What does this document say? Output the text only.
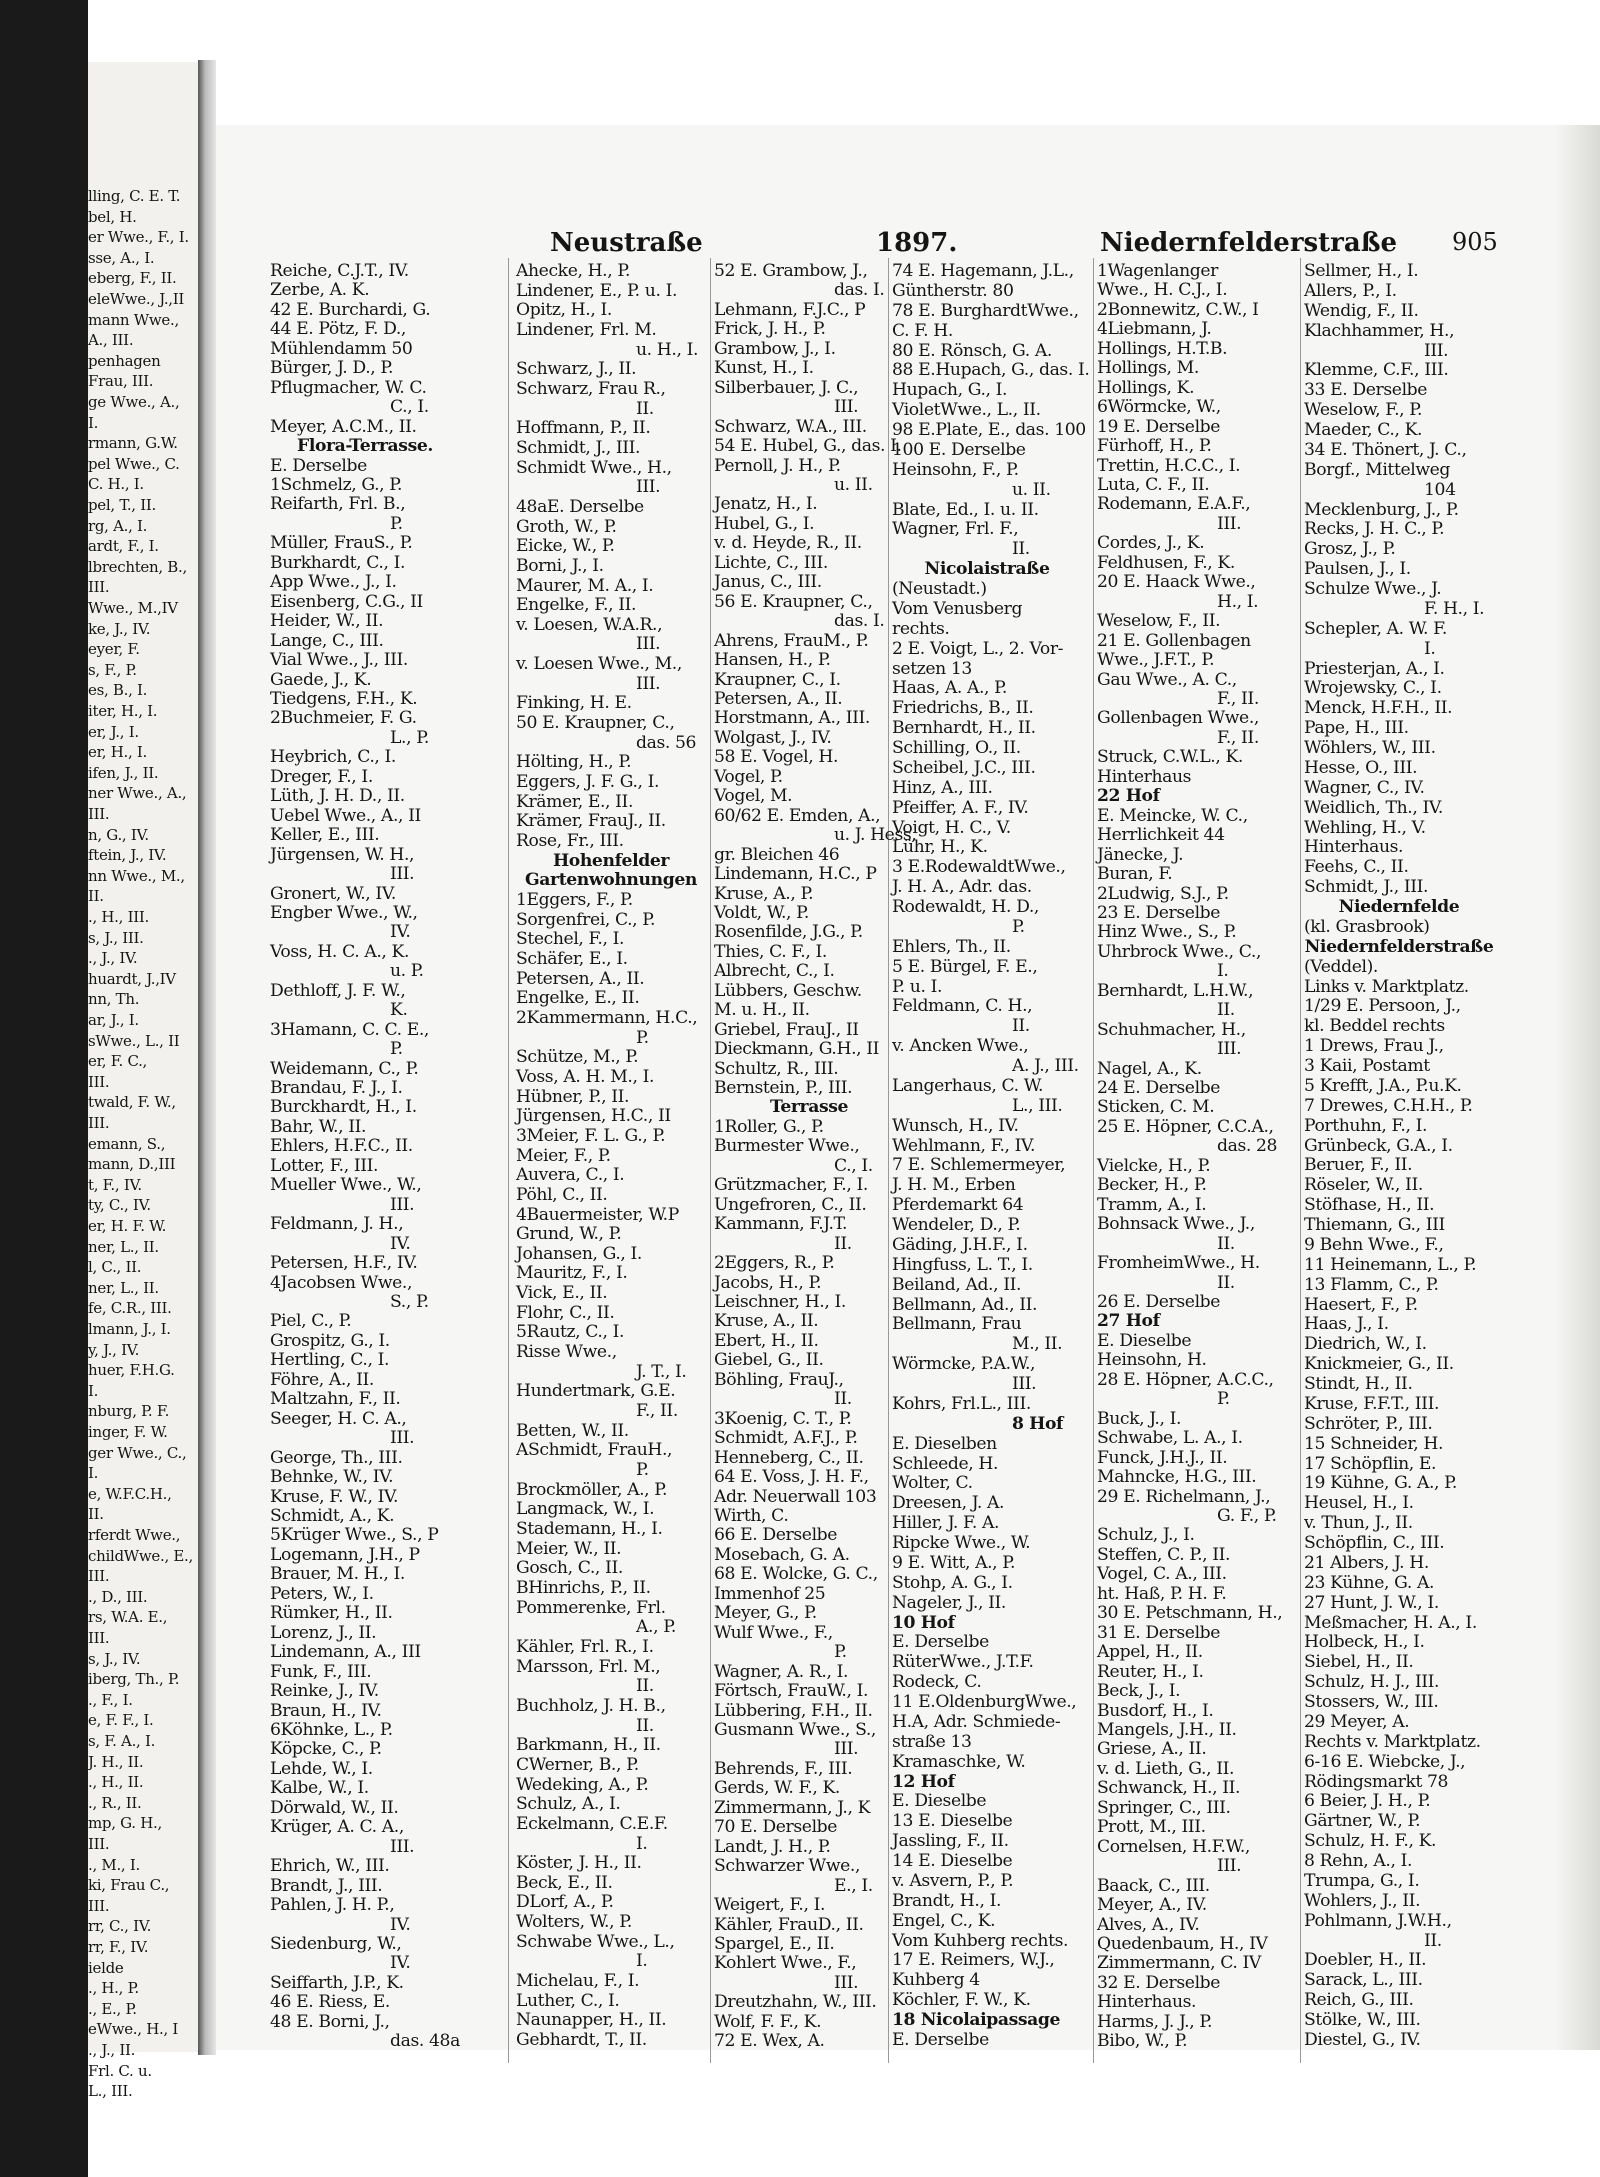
lling, C. E. T.
bel, H.
er Wwe., F., I.
sse, A., I.
eberg, F., II.
eleWwe., J.,II
mann Wwe.,
A., III.
penhagen
Frau, III.
ge Wwe., A.,
I.
rmann, G.W.
pel Wwe., C.
C. H., I.
pel, T., II.
rg, A., I.
ardt, F., I.
lbrechten, B.,
III.
Wwe., M.,IV
ke, J., IV.
eyer, F.
s, F., P.
es, B., I.
iter, H., I.
er, J., I.
er, H., I.
ifen, J., II.
ner Wwe., A.,
III.
n, G., IV.
ftein, J., IV.
nn Wwe., M.,
II.
., H., III.
s, J., III.
., J., IV.
huardt, J.,IV
nn, Th.
ar, J., I.
sWwe., L., II
er, F. C.,
III.
twald, F. W.,
III.
emann, S.,
mann, D.,III
t, F., IV.
ty, C., IV.
er, H. F. W.
ner, L., II.
l, C., II.
ner, L., II.
fe, C.R., III.
lmann, J., I.
y, J., IV.
huer, F.H.G.
I.
nburg, P. F.
inger, F. W.
ger Wwe., C.,
I.
e, W.F.C.H.,
II.
rferdt Wwe.,
childWwe., E.,
III.
., D., III.
rs, W.A. E.,
III.
s, J., IV.
iberg, Th., P.
., F., I.
e, F. F., I.
s, F. A., I.
J. H., II.
., H., II.
., R., II.
mp, G. H.,
III.
., M., I.
ki, Frau C.,
III.
rr, C., IV.
rr, F., IV.
ielde
., H., P.
., E., P.
eWwe., H., I
., J., II.
Frl. C. u.
L., III.
Neustraße	1897.	Niedernfelderstraße 905
Reiche, C.J.T., IV.
Zerbe, A. K.
42 E. Burchardi, G.
44 E. Pötz, F. D.,
Mühlendamm 50
Bürger, J. D., P.
Pflugmacher, W. C.
C., I.
Meyer, A.C.M., II.
Flora-Terrasse.
E. Derselbe
1Schmelz, G., P.
Reifarth, Frl. B.,
P.
Müller, FrauS., P.
Burkhardt, C., I.
App Wwe., J., I.
Eisenberg, C.G., II
Heider, W., II.
Lange, C., III.
Vial Wwe., J., III.
Gaede, J., K.
Tiedgens, F.H., K.
2Buchmeier, F. G.
L., P.
Heybrich, C., I.
Dreger, F., I.
Lüth, J. H. D., II.
Uebel Wwe., A., II
Keller, E., III.
Jürgensen, W. H.,
III.
Gronert, W., IV.
Engber Wwe., W.,
IV.
Voss, H. C. A., K.
u. P.
Dethloff, J. F. W.,
K.
3Hamann, C. C. E.,
P.
Weidemann, C., P.
Brandau, F. J., I.
Burckhardt, H., I.
Bahr, W., II.
Ehlers, H.F.C., II.
Lotter, F., III.
Mueller Wwe., W.,
III.
Feldmann, J. H.,
IV.
Petersen, H.F., IV.
4Jacobsen Wwe.,
S., P.
Piel, C., P.
Grospitz, G., I.
Hertling, C., I.
Föhre, A., II.
Maltzahn, F., II.
Seeger, H. C. A.,
III.
George, Th., III.
Behnke, W., IV.
Kruse, F. W., IV.
Schmidt, A., K.
5Krüger Wwe., S., P
Logemann, J.H., P
Brauer, M. H., I.
Peters, W., I.
Rümker, H., II.
Lorenz, J., II.
Lindemann, A., III
Funk, F., III.
Reinke, J., IV.
Braun, H., IV.
6Köhnke, L., P.
Köpcke, C., P.
Lehde, W., I.
Kalbe, W., I.
Dörwald, W., II.
Krüger, A. C. A.,
III.
Ehrich, W., III.
Brandt, J., III.
Pahlen, J. H. P.,
IV.
Siedenburg, W.,
IV.
Seiffarth, J.P., K.
46 E. Riess, E.
48 E. Borni, J.,
das. 48a
Ahecke, H., P.
Lindener, E., P. u. I.
Opitz, H., I.
Lindener, Frl. M.
u. H., I.
Schwarz, J., II.
Schwarz, Frau R.,
II.
Hoffmann, P., II.
Schmidt, J., III.
Schmidt Wwe., H.,
III.
48aE. Derselbe
Groth, W., P.
Eicke, W., P.
Borni, J., I.
Maurer, M. A., I.
Engelke, F., II.
v. Loesen, W.A.R.,
III.
v. Loesen Wwe., M.,
III.
Finking, H. E.
50 E. Kraupner, C.,
das. 56
Hölting, H., P.
Eggers, J. F. G., I.
Krämer, E., II.
Krämer, FrauJ., II.
Rose, Fr., III.
Hohenfelder
Gartenwohnungen
1Eggers, F., P.
Sorgenfrei, C., P.
Stechel, F., I.
Schäfer, E., I.
Petersen, A., II.
Engelke, E., II.
2Kammermann, H.C.,
P.
Schütze, M., P.
Voss, A. H. M., I.
Hübner, P., II.
Jürgensen, H.C., II
3Meier, F. L. G., P.
Meier, F., P.
Auvera, C., I.
Pöhl, C., II.
4Bauermeister, W.P
Grund, W., P.
Johansen, G., I.
Mauritz, F., I.
Vick, E., II.
Flohr, C., II.
5Rautz, C., I.
Risse Wwe.,
J. T., I.
Hundertmark, G.E.
F., II.
Betten, W., II.
ASchmidt, FrauH.,
P.
Brockmöller, A., P.
Langmack, W., I.
Stademann, H., I.
Meier, W., II.
Gosch, C., II.
BHinrichs, P., II.
Pommerenke, Frl.
A., P.
Kähler, Frl. R., I.
Marsson, Frl. M.,
II.
Buchholz, J. H. B.,
II.
Barkmann, H., II.
CWerner, B., P.
Wedeking, A., P.
Schulz, A., I.
Eckelmann, C.E.F.
I.
Köster, J. H., II.
Beck, E., II.
DLorf, A., P.
Wolters, W., P.
Schwabe Wwe., L.,
I.
Michelau, F., I.
Luther, C., I.
Naunapper, H., II.
Gebhardt, T., II.
52 E. Grambow, J.,
das. I.
Lehmann, F.J.C., P
Frick, J. H., P.
Grambow, J., I.
Kunst, H., I.
Silberbauer, J. C.,
III.
Schwarz, W.A., III.
54 E. Hubel, G., das. I.
Pernoll, J. H., P.
u. II.
Jenatz, H., I.
Hubel, G., I.
v. d. Heyde, R., II.
Lichte, C., III.
Janus, C., III.
56 E. Kraupner, C.,
das. I.
Ahrens, FrauM., P.
Hansen, H., P.
Kraupner, C., I.
Petersen, A., II.
Horstmann, A., III.
Wolgast, J., IV.
58 E. Vogel, H.
Vogel, P.
Vogel, M.
60/62 E. Emden, A.,
u. J. Hess,
gr. Bleichen 46
Lindemann, H.C., P
Kruse, A., P.
Voldt, W., P.
Rosenfilde, J.G., P.
Thies, C. F., I.
Albrecht, C., I.
Lübbers, Geschw.
M. u. H., II.
Griebel, FrauJ., II
Dieckmann, G.H., II
Schultz, R., III.
Bernstein, P., III.
Terrasse
1Roller, G., P.
Burmester Wwe.,
C., I.
Grützmacher, F., I.
Ungefroren, C., II.
Kammann, F.J.T.
II.
2Eggers, R., P.
Jacobs, H., P.
Leischner, H., I.
Kruse, A., II.
Ebert, H., II.
Giebel, G., II.
Böhling, FrauJ.,
II.
3Koenig, C. T., P.
Schmidt, A.F.J., P.
Henneberg, C., II.
64 E. Voss, J. H. F.,
Adr. Neuerwall 103
Wirth, C.
66 E. Derselbe
Mosebach, G. A.
68 E. Wolcke, G. C.,
Immenhof 25
Meyer, G., P.
Wulf Wwe., F.,
P.
Wagner, A. R., I.
Förtsch, FrauW., I.
Lübbering, F.H., II.
Gusmann Wwe., S.,
III.
Behrends, F., III.
Gerds, W. F., K.
Zimmermann, J., K
70 E. Derselbe
Landt, J. H., P.
Schwarzer Wwe.,
E., I.
Weigert, F., I.
Kähler, FrauD., II.
Spargel, E., II.
Kohlert Wwe., F.,
III.
Dreutzhahn, W., III.
Wolf, F. F., K.
72 E. Wex, A.
74 E. Hagemann, J.L.,
Güntherstr. 80
78 E. BurghardtWwe.,
C. F. H.
80 E. Rönsch, G. A.
88 E.Hupach, G., das. I.
Hupach, G., I.
VioletWwe., L., II.
98 E.Plate, E., das. 100
100 E. Derselbe
Heinsohn, F., P.
u. II.
Blate, Ed., I. u. II.
Wagner, Frl. F.,
II.
Nicolaistraße
(Neustadt.)
Vom Venusberg
rechts.
2 E. Voigt, L., 2. Vor-
setzen 13
Haas, A. A., P.
Friedrichs, B., II.
Bernhardt, H., II.
Schilling, O., II.
Scheibel, J.C., III.
Hinz, A., III.
Pfeiffer, A. F., IV.
Voigt, H. C., V.
Lühr, H., K.
3 E.RodewaldtWwe.,
J. H. A., Adr. das.
Rodewaldt, H. D.,
P.
Ehlers, Th., II.
5 E. Bürgel, F. E.,
P. u. I.
Feldmann, C. H.,
II.
v. Ancken Wwe.,
A. J., III.
Langerhaus, C. W.
L., III.
Wunsch, H., IV.
Wehlmann, F., IV.
7 E. Schlemermeyer,
J. H. M., Erben
Pferdemarkt 64
Wendeler, D., P.
Gäding, J.H.F., I.
Hingfuss, L. T., I.
Beiland, Ad., II.
Bellmann, Ad., II.
Bellmann, Frau
M., II.
Wörmcke, P.A.W.,
III.
Kohrs, Frl.L., III.
8 Hof
E. Dieselben
Schleede, H.
Wolter, C.
Dreesen, J. A.
Hiller, J. F. A.
Ripcke Wwe., W.
9 E. Witt, A., P.
Stohp, A. G., I.
Nageler, J., II.
10 Hof
E. Derselbe
RüterWwe., J.T.F.
Rodeck, C.
11 E.OldenburgWwe.,
H.A, Adr. Schmiede-
straße 13
Kramaschke, W.
12 Hof
E. Dieselbe
13 E. Dieselbe
Jassling, F., II.
14 E. Dieselbe
v. Asvern, P., P.
Brandt, H., I.
Engel, C., K.
Vom Kuhberg rechts.
17 E. Reimers, W.J.,
Kuhberg 4
Köchler, F. W., K.
18 Nicolaipassage
E. Derselbe
1Wagenlanger
Wwe., H. C.J., I.
2Bonnewitz, C.W., I
4Liebmann, J.
Hollings, H.T.B.
Hollings, M.
Hollings, K.
6Wörmcke, W.,
19 E. Derselbe
Fürhoff, H., P.
Trettin, H.C.C., I.
Luta, C. F., II.
Rodemann, E.A.F.,
III.
Cordes, J., K.
Feldhusen, F., K.
20 E. Haack Wwe.,
H., I.
Weselow, F., II.
21 E. Gollenbagen
Wwe., J.F.T., P.
Gau Wwe., A. C.,
F., II.
Gollenbagen Wwe.,
F., II.
Struck, C.W.L., K.
Hinterhaus
22 Hof
E. Meincke, W. C.,
Herrlichkeit 44
Jänecke, J.
Buran, F.
2Ludwig, S.J., P.
23 E. Derselbe
Hinz Wwe., S., P.
Uhrbrock Wwe., C.,
I.
Bernhardt, L.H.W.,
II.
Schuhmacher, H.,
III.
Nagel, A., K.
24 E. Derselbe
Sticken, C. M.
25 E. Höpner, C.C.A.,
das. 28
Vielcke, H., P.
Becker, H., P.
Tramm, A., I.
Bohnsack Wwe., J.,
II.
FromheimWwe., H.
II.
26 E. Derselbe
27 Hof
E. Dieselbe
Heinsohn, H.
28 E. Höpner, A.C.C.,
P.
Buck, J., I.
Schwabe, L. A., I.
Funck, J.H.J., II.
Mahncke, H.G., III.
29 E. Richelmann, J.,
G. F., P.
Schulz, J., I.
Steffen, C. P., II.
Vogel, C. A., III.
ht. Haß, P. H. F.
30 E. Petschmann, H.,
31 E. Derselbe
Appel, H., II.
Reuter, H., I.
Beck, J., I.
Busdorf, H., I.
Mangels, J.H., II.
Griese, A., II.
v. d. Lieth, G., II.
Schwanck, H., II.
Springer, C., III.
Prott, M., III.
Cornelsen, H.F.W.,
III.
Baack, C., III.
Meyer, A., IV.
Alves, A., IV.
Quedenbaum, H., IV
Zimmermann, C. IV
32 E. Derselbe
Hinterhaus.
Harms, J. J., P.
Bibo, W., P.
Sellmer, H., I.
Allers, P., I.
Wendig, F., II.
Klachhammer, H.,
III.
Klemme, C.F., III.
33 E. Derselbe
Weselow, F., P.
Maeder, C., K.
34 E. Thönert, J. C.,
Borgf., Mittelweg
104
Mecklenburg, J., P.
Recks, J. H. C., P.
Grosz, J., P.
Paulsen, J., I.
Schulze Wwe., J.
F. H., I.
Schepler, A. W. F.
I.
Priesterjan, A., I.
Wrojewsky, C., I.
Menck, H.F.H., II.
Pape, H., III.
Wöhlers, W., III.
Hesse, O., III.
Wagner, C., IV.
Weidlich, Th., IV.
Wehling, H., V.
Hinterhaus.
Feehs, C., II.
Schmidt, J., III.
Niedernfelde
(kl. Grasbrook)
Niedernfelderstraße
(Veddel).
Links v. Marktplatz.
1/29 E. Persoon, J.,
kl. Beddel rechts
1 Drews, Frau J.,
3 Kaii, Postamt
5 Krefft, J.A., P.u.K.
7 Drewes, C.H.H., P.
Porthuhn, F., I.
Grünbeck, G.A., I.
Beruer, F., II.
Röseler, W., II.
Stöfhase, H., II.
Thiemann, G., III
9 Behn Wwe., F.,
11 Heinemann, L., P.
13 Flamm, C., P.
Haesert, F., P.
Haas, J., I.
Diedrich, W., I.
Knickmeier, G., II.
Stindt, H., II.
Kruse, F.F.T., III.
Schröter, P., III.
15 Schneider, H.
17 Schöpflin, E.
19 Kühne, G. A., P.
Heusel, H., I.
v. Thun, J., II.
Schöpflin, C., III.
21 Albers, J. H.
23 Kühne, G. A.
27 Hunt, J. W., I.
Meßmacher, H. A., I.
Holbeck, H., I.
Siebel, H., II.
Schulz, H. J., III.
Stossers, W., III.
29 Meyer, A.
Rechts v. Marktplatz.
6-16 E. Wiebcke, J.,
Rödingsmarkt 78
6 Beier, J. H., P.
Gärtner, W., P.
Schulz, H. F., K.
8 Rehn, A., I.
Trumpa, G., I.
Wohlers, J., II.
Pohlmann, J.W.H.,
II.
Doebler, H., II.
Sarack, L., III.
Reich, G., III.
Stölke, W., III.
Diestel, G., IV.
